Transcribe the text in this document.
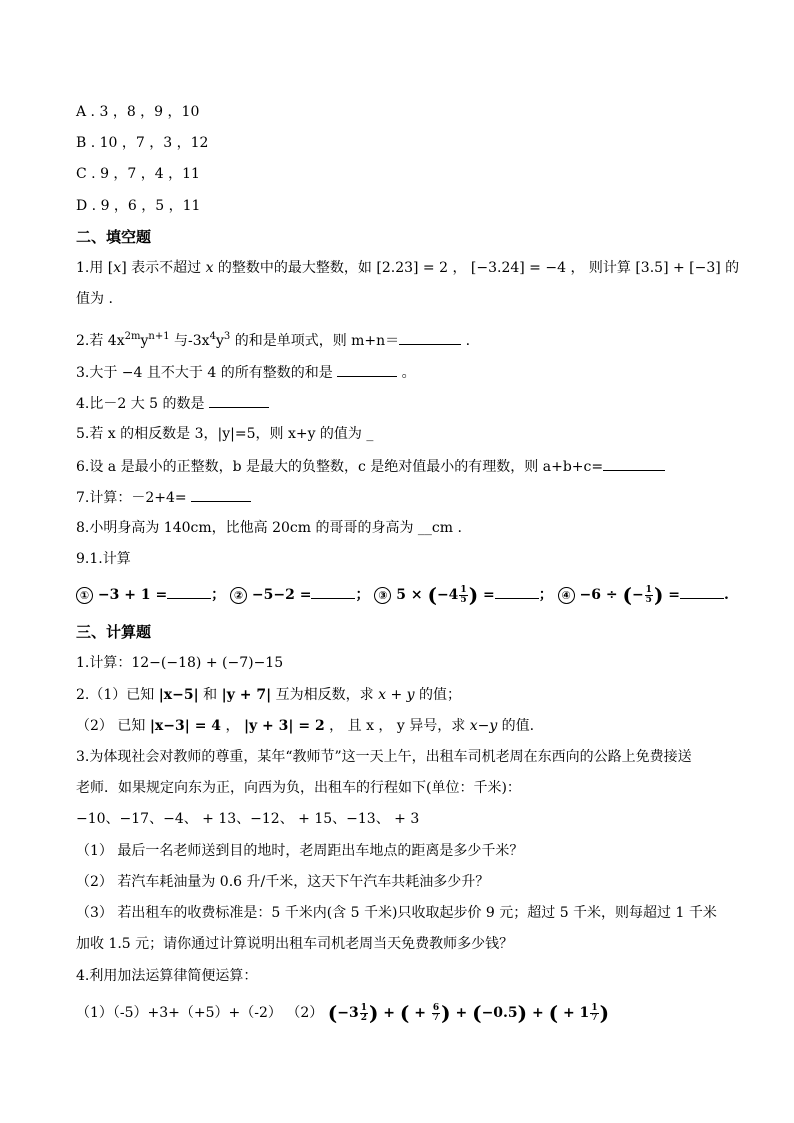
A . 3 ，8 ，9 ，10
B . 10 ，7 ，3 ，12
C . 9 ，7 ，4 ，11
D . 9 ，6 ，5 ，11
二、填空题
1.用 [x] 表示不超过 x 的整数中的最大整数，如 [2.23] = 2 ， [−3.24] = −4 ， 则计算 [3.5] + [−3] 的
值为 .
2.若 $4x^{2m}y^{n+1}$ 与$-3x^4y^3$ 的和是单项式，则 m+n＝	.
3.大于 −4 且不大于 4 的所有整数的和是	。
4.比－2 大 5 的数是
5.若 x 的相反数是 3，|y|=5，则 x+y 的值为 _
6.设 a 是最小的正整数，b 是最大的负整数，c 是绝对值最小的有理数，则 a+b+c=
7.计算：－2+4=
8.小明身高为 140cm，比他高 20cm 的哥哥的身高为 __cm .
9.1.计算
① −3 + 1 =	； ② −5−2 =	； ③ $5 \times (-4 \frac{1}{5}$ ) =	； ④ −6 ÷ (− $\frac{1}{5}$ ) =	.
三、计算题
1.计算：12−(−18) + (−7)−15
2.（1）已知 |x−5| 和 |y + 7| 互为相反数，求 x + y 的值；
（2） 已知 |x−3| = 4 ， |y + 3| = 2 ， 且 x ， y 异号，求 x−y 的值.
3.为体现社会对教师的尊重，某年“教师节”这一天上午，出租车司机老周在东西向的公路上免费接送
老师．如果规定向东为正，向西为负，出租车的行程如下(单位：千米)：
−10、−17、−4、 + 13、−12、 + 15、−13、 + 3
（1） 最后一名老师送到目的地时，老周距出车地点的距离是多少千米？
（2） 若汽车耗油量为 0.6 升/千米，这天下午汽车共耗油多少升？
（3） 若出租车的收费标准是：5 千米内(含 5 千米)只收取起步价 9 元；超过 5 千米，则每超过 1 千米
加收 1.5 元；请你通过计算说明出租车司机老周当天免费教师多少钱？
4.利用加法运算律简便运算：
（1）（-5）+3+（+5）+（-2） （2） ($-3 \frac{1}{2}$ ) + ( + $\frac{6}{7}$ ) + (−0.5) + ( + $1 \frac{1}{7}$ )
